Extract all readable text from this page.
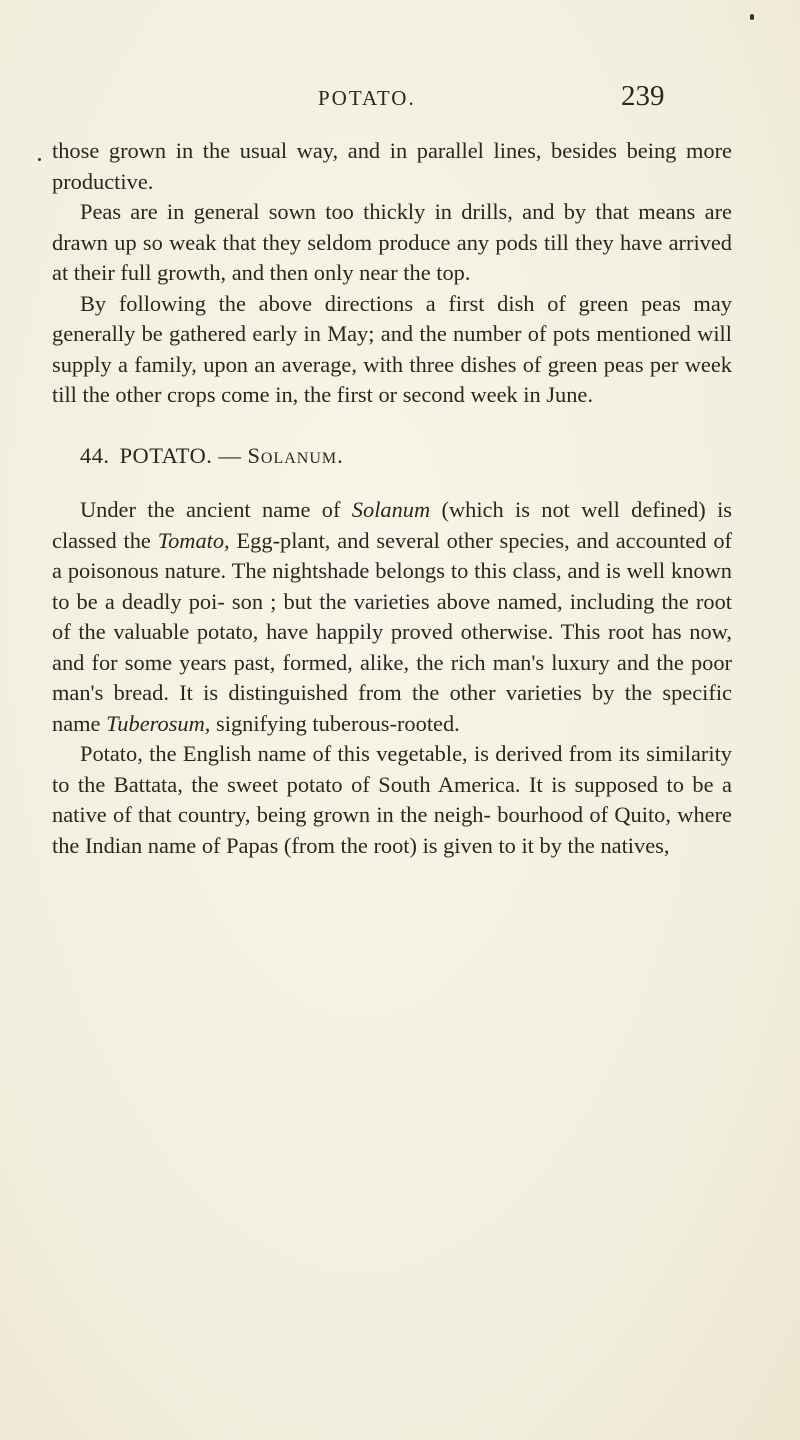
POTATO.	239

those grown in the usual way, and in parallel lines, besides being more productive.

Peas are in general sown too thickly in drills, and by that means are drawn up so weak that they seldom produce any pods till they have arrived at their full growth, and then only near the top.

By following the above directions a first dish of green peas may generally be gathered early in May; and the number of pots mentioned will supply a family, upon an average, with three dishes of green peas per week till the other crops come in, the first or second week in June.

44. POTATO. — Solanum.

Under the ancient name of Solanum (which is not well defined) is classed the Tomato, Egg-plant, and several other species, and accounted of a poisonous nature. The nightshade belongs to this class, and is well known to be a deadly poi- son ; but the varieties above named, including the root of the valuable potato, have happily proved otherwise. This root has now, and for some years past, formed, alike, the rich man's luxury and the poor man's bread. It is distinguished from the other varieties by the specific name Tuberosum, signifying tuberous-rooted.

Potato, the English name of this vegetable, is derived from its similarity to the Battata, the sweet potato of South America. It is supposed to be a native of that country, being grown in the neigh- bourhood of Quito, where the Indian name of Papas (from the root) is given to it by the natives,
